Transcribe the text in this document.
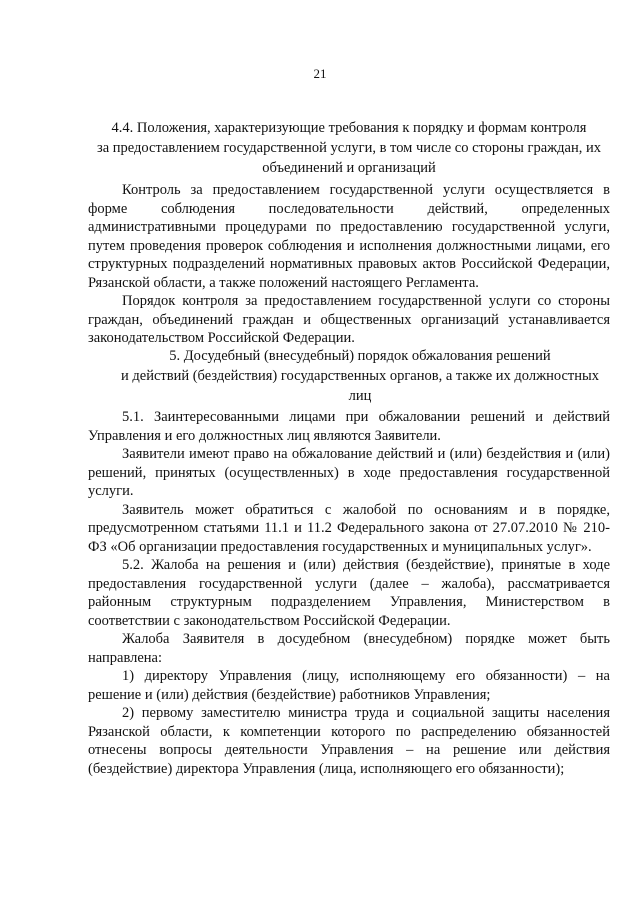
21
4.4. Положения, характеризующие требования к порядку и формам контроля
за предоставлением государственной услуги, в том числе со стороны граждан, их
объединений и организаций

Контроль за предоставлением государственной услуги осуществляется в форме соблюдения последовательности действий, определенных административными процедурами по предоставлению государственной услуги, путем проведения проверок соблюдения и исполнения должностными лицами, его структурных подразделений нормативных правовых актов Российской Федерации, Рязанской области, а также положений настоящего Регламента.

Порядок контроля за предоставлением государственной услуги со стороны граждан, объединений граждан и общественных организаций устанавливается законодательством Российской Федерации.

5. Досудебный (внесудебный) порядок обжалования решений
и действий (бездействия) государственных органов, а также их должностных
лиц

5.1. Заинтересованными лицами при обжаловании решений и действий Управления и его должностных лиц являются Заявители.

Заявители имеют право на обжалование действий и (или) бездействия и (или) решений, принятых (осуществленных) в ходе предоставления государственной услуги.

Заявитель может обратиться с жалобой по основаниям и в порядке, предусмотренном статьями 11.1 и 11.2 Федерального закона от 27.07.2010 № 210-ФЗ «Об организации предоставления государственных и муниципальных услуг».

5.2. Жалоба на решения и (или) действия (бездействие), принятые в ходе предоставления государственной услуги (далее – жалоба), рассматривается районным структурным подразделением Управления, Министерством в соответствии с законодательством Российской Федерации.

Жалоба Заявителя в досудебном (внесудебном) порядке может быть направлена:

1) директору Управления (лицу, исполняющему его обязанности) – на решение и (или) действия (бездействие) работников Управления;

2) первому заместителю министра труда и социальной защиты населения Рязанской области, к компетенции которого по распределению обязанностей отнесены вопросы деятельности Управления – на решение или действия (бездействие) директора Управления (лица, исполняющего его обязанности);
